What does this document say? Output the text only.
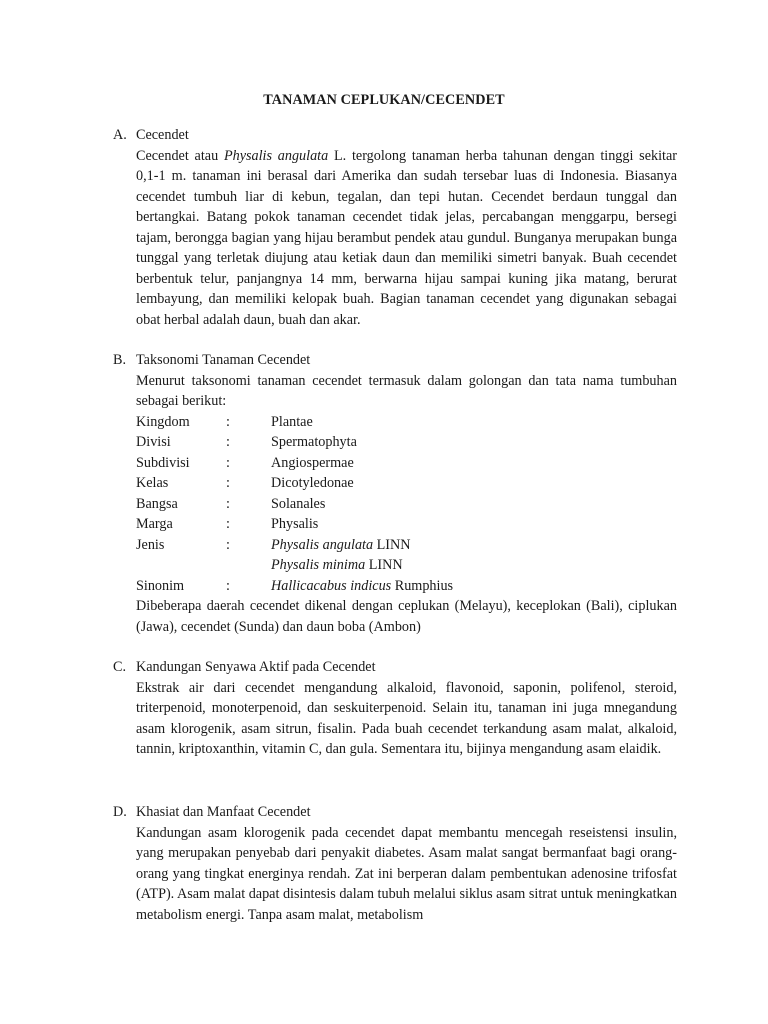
TANAMAN CEPLUKAN/CECENDET
A. Cecendet

Cecendet atau Physalis angulata L. tergolong tanaman herba tahunan dengan tinggi sekitar 0,1-1 m. tanaman ini berasal dari Amerika dan sudah tersebar luas di Indonesia. Biasanya cecendet tumbuh liar di kebun, tegalan, dan tepi hutan. Cecendet berdaun tunggal dan bertangkai. Batang pokok tanaman cecendet tidak jelas, percabangan menggarpu, bersegi tajam, berongga bagian yang hijau berambut pendek atau gundul. Bunganya merupakan bunga tunggal yang terletak diujung atau ketiak daun dan memiliki simetri banyak. Buah cecendet berbentuk telur, panjangnya 14 mm, berwarna hijau sampai kuning jika matang, berurat lembayung, dan memiliki kelopak buah. Bagian tanaman cecendet yang digunakan sebagai obat herbal adalah daun, buah dan akar.

B. Taksonomi Tanaman Cecendet
Menurut taksonomi tanaman cecendet termasuk dalam golongan dan tata nama tumbuhan sebagai berikut:
Kingdom	:	Plantae
Divisi	:	Spermatophyta
Subdivisi	:	Angiospermae
Kelas	:	Dicotyledonae
Bangsa	:	Solanales
Marga	:	Physalis
Jenis	:	Physalis angulata LINN
Physalis minima LINN
Sinonim	:	Hallicacabus indicus Rumphius
Dibeberapa daerah cecendet dikenal dengan ceplukan (Melayu), keceplokan (Bali), ciplukan (Jawa), cecendet (Sunda) dan daun boba (Ambon)
C. Kandungan Senyawa Aktif pada Cecendet
Ekstrak air dari cecendet mengandung alkaloid, flavonoid, saponin, polifenol, steroid, triterpenoid, monoterpenoid, dan seskuiterpenoid. Selain itu, tanaman ini juga mnegandung asam klorogenik, asam sitrun, fisalin. Pada buah cecendet terkandung asam malat, alkaloid, tannin, kriptoxanthin, vitamin C, dan gula. Sementara itu, bijinya mengandung asam elaidik.
D. Khasiat dan Manfaat Cecendet
Kandungan asam klorogenik pada cecendet dapat membantu mencegah reseistensi insulin, yang merupakan penyebab dari penyakit diabetes. Asam malat sangat bermanfaat bagi orang-orang yang tingkat energinya rendah. Zat ini berperan dalam pembentukan adenosine trifosfat (ATP). Asam malat dapat disintesis dalam tubuh melalui siklus asam sitrat untuk meningkatkan metabolism energi. Tanpa asam malat, metabolism
